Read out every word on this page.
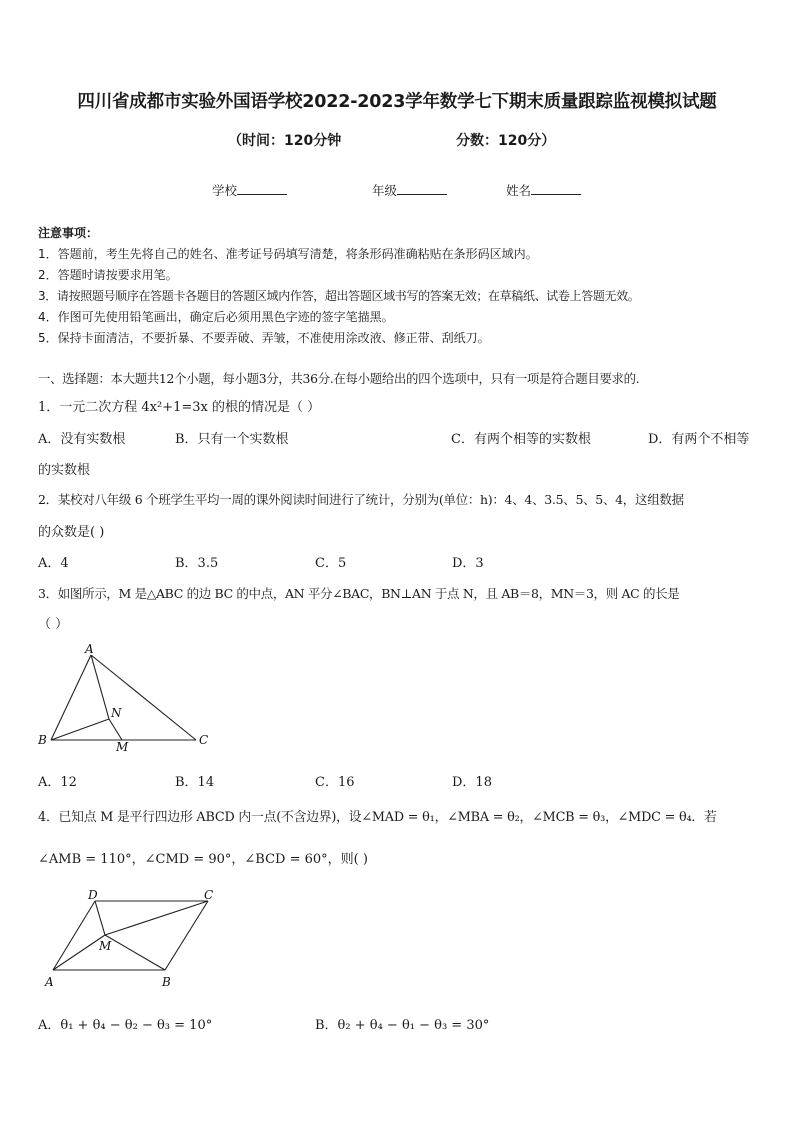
四川省成都市实验外国语学校2022-2023学年数学七下期末质量跟踪监视模拟试题
（时间：120分钟	分数：120分）
学校	年级	姓名
注意事项：
1．答题前，考生先将自己的姓名、准考证号码填写清楚，将条形码准确粘贴在条形码区域内。
2．答题时请按要求用笔。
3．请按照题号顺序在答题卡各题目的答题区域内作答，超出答题区域书写的答案无效；在草稿纸、试卷上答题无效。
4．作图可先使用铅笔画出，确定后必须用黑色字迹的签字笔描黑。
5．保持卡面清洁，不要折暴、不要弄破、弄皱，不准使用涂改液、修正带、刮纸刀。
一、选择题：本大题共12个小题，每小题3分，共36分.在每小题给出的四个选项中，只有一项是符合题目要求的.
1．一元二次方程 4x²+1=3x 的根的情况是（ ）
A．没有实数根	B．只有一个实数根	C．有两个相等的实数根	D．有两个不相等
的实数根
2．某校对八年级 6 个班学生平均一周的课外阅读时间进行了统计，分别为(单位：h)：4、4、3.5、5、5、4，这组数据
的众数是( )
A．4	B．3.5	C．5	D．3
3．如图所示，M 是△ABC 的边 BC 的中点，AN 平分∠BAC，BN⊥AN 于点 N，且 AB＝8，MN＝3，则 AC 的长是
（ ）
A
B	C
M
N
A．12	B．14	C．16	D．18
4．已知点 M 是平行四边形 ABCD 内一点(不含边界)，设∠MAD = θ₁，∠MBA = θ₂，∠MCB = θ₃，∠MDC = θ₄．若
∠AMB = 110°，∠CMD = 90°，∠BCD = 60°，则( )
D	C
M
A	B
A．θ₁ + θ₄ − θ₂ − θ₃ = 10°	B．θ₂ + θ₄ − θ₁ − θ₃ = 30°
